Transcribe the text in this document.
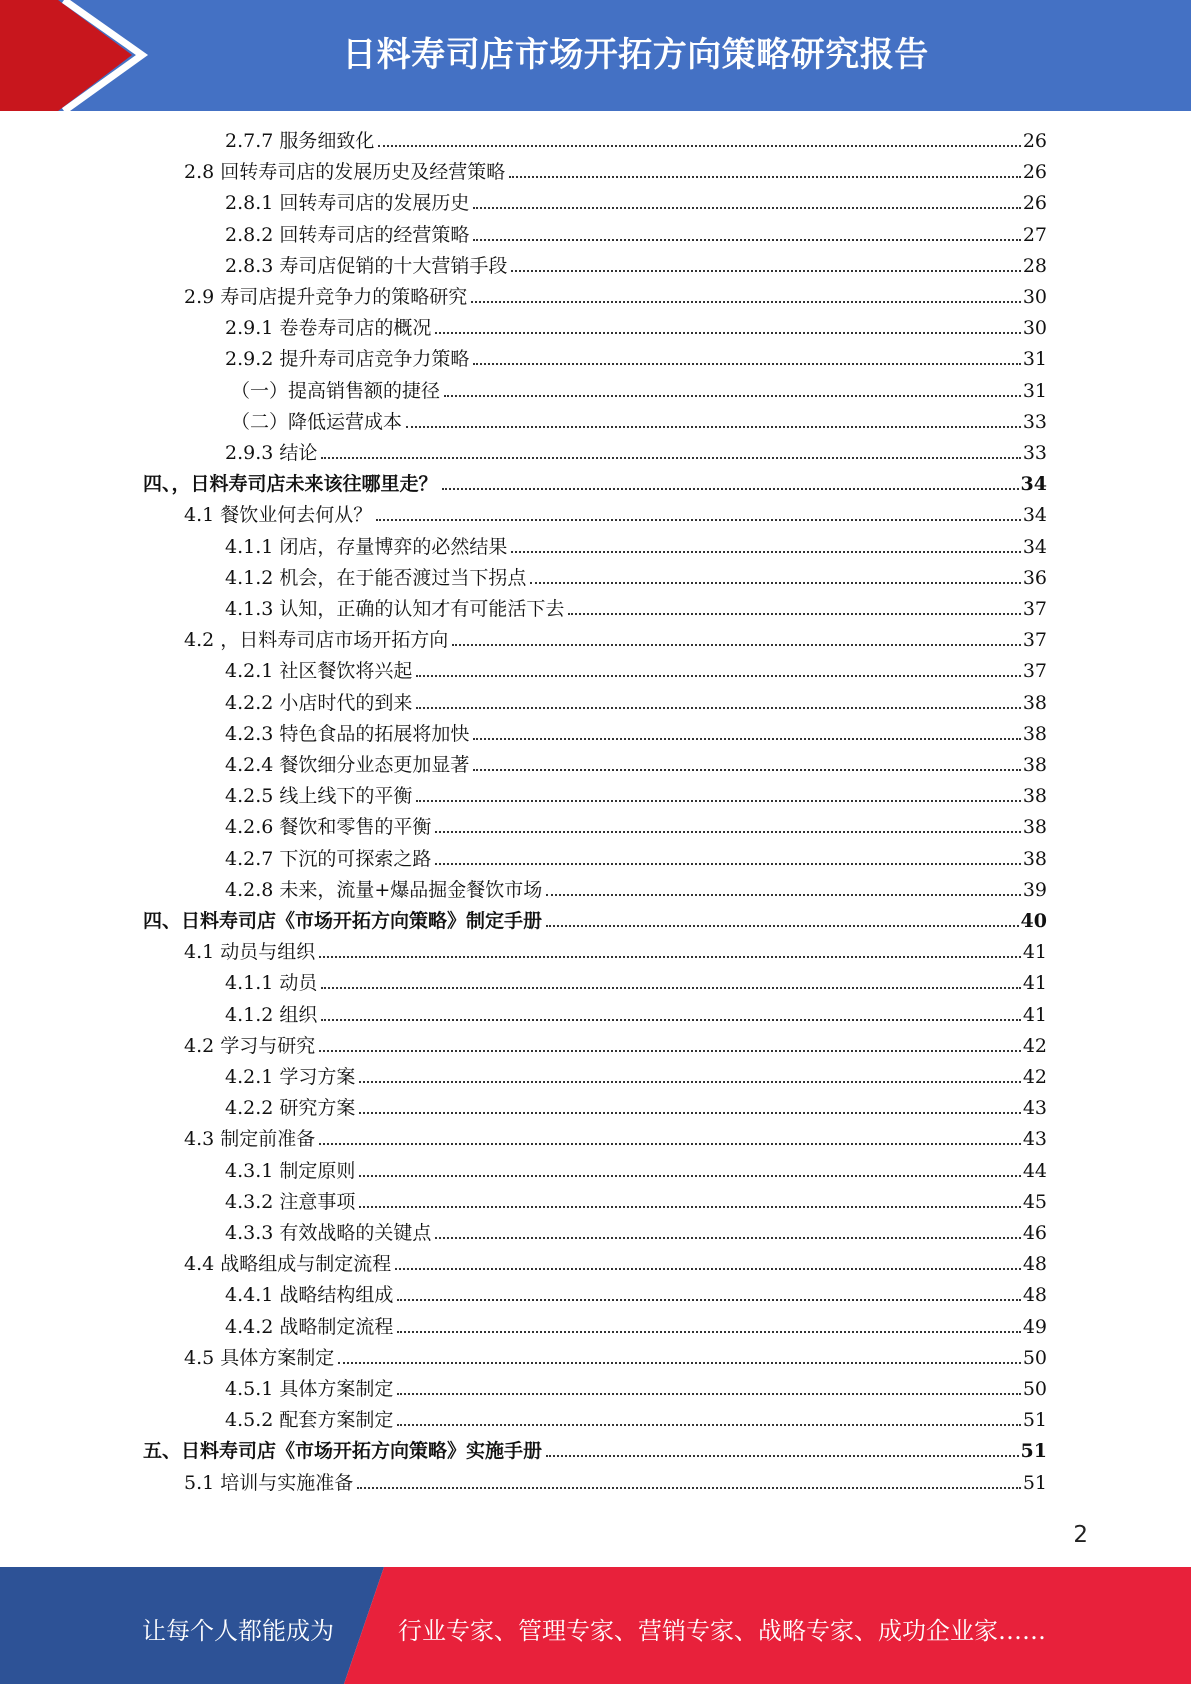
日料寿司店市场开拓方向策略研究报告
2.7.7 服务细致化	26
2.8 回转寿司店的发展历史及经营策略	26
2.8.1 回转寿司店的发展历史	26
2.8.2 回转寿司店的经营策略	27
2.8.3 寿司店促销的十大营销手段	28
2.9 寿司店提升竞争力的策略研究	30
2.9.1 卷卷寿司店的概况	30
2.9.2 提升寿司店竞争力策略	31
（一）提高销售额的捷径	31
（二）降低运营成本	33
2.9.3 结论	33
四、，日料寿司店未来该往哪里走？	34
4.1 餐饮业何去何从？	34
4.1.1 闭店，存量博弈的必然结果	34
4.1.2 机会，在于能否渡过当下拐点	36
4.1.3 认知，正确的认知才有可能活下去	37
4.2 ，日料寿司店市场开拓方向	37
4.2.1 社区餐饮将兴起	37
4.2.2 小店时代的到来	38
4.2.3 特色食品的拓展将加快	38
4.2.4 餐饮细分业态更加显著	38
4.2.5 线上线下的平衡	38
4.2.6 餐饮和零售的平衡	38
4.2.7 下沉的可探索之路	38
4.2.8 未来，流量+爆品掘金餐饮市场	39
四、日料寿司店《市场开拓方向策略》制定手册	40
4.1 动员与组织	41
4.1.1 动员	41
4.1.2 组织	41
4.2 学习与研究	42
4.2.1 学习方案	42
4.2.2 研究方案	43
4.3 制定前准备	43
4.3.1 制定原则	44
4.3.2 注意事项	45
4.3.3 有效战略的关键点	46
4.4 战略组成与制定流程	48
4.4.1 战略结构组成	48
4.4.2 战略制定流程	49
4.5 具体方案制定	50
4.5.1 具体方案制定	50
4.5.2 配套方案制定	51
五、日料寿司店《市场开拓方向策略》实施手册	51
5.1 培训与实施准备	51
2
让每个人都能成为	行业专家、管理专家、营销专家、战略专家、成功企业家……
